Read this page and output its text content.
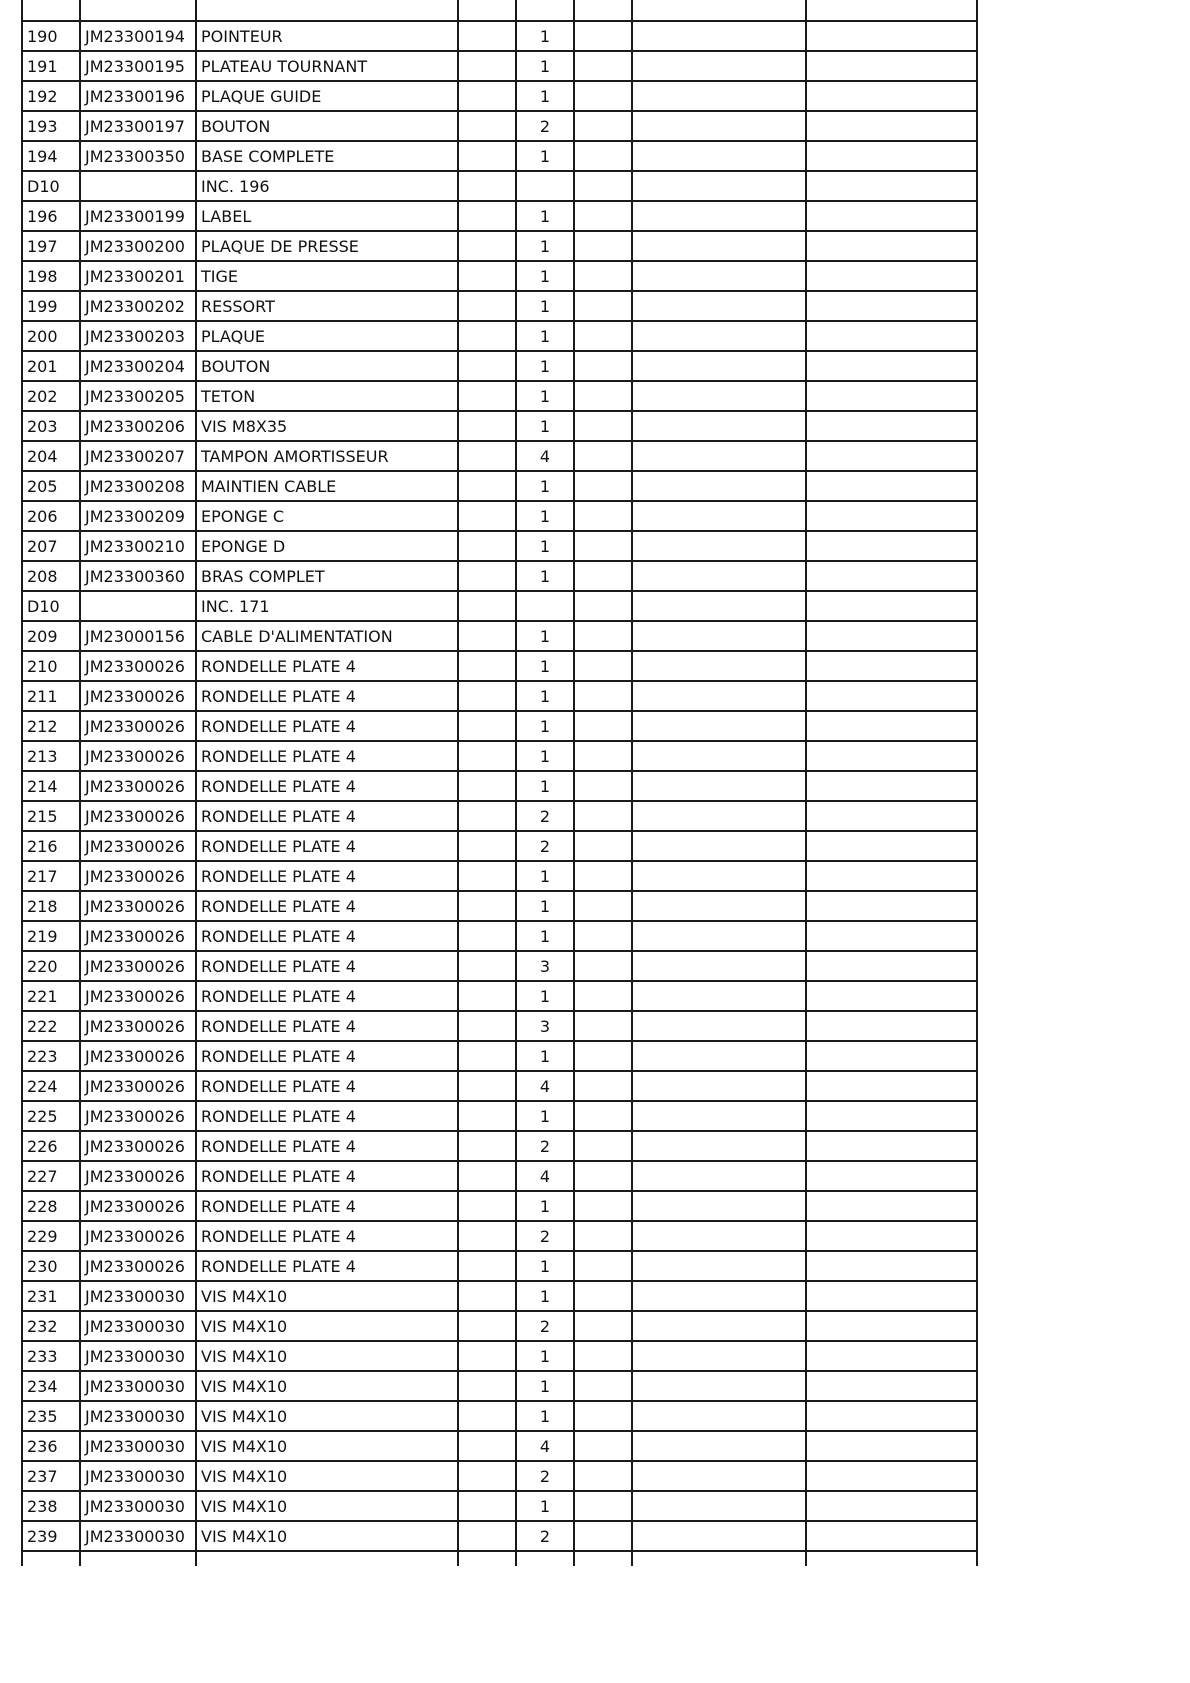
190	JM23300194	POINTEUR		1			
191	JM23300195	PLATEAU TOURNANT		1			
192	JM23300196	PLAQUE GUIDE		1			
193	JM23300197	BOUTON		2			
194	JM23300350	BASE COMPLETE		1			
D10		INC. 196					
196	JM23300199	LABEL		1			
197	JM23300200	PLAQUE DE PRESSE		1			
198	JM23300201	TIGE		1			
199	JM23300202	RESSORT		1			
200	JM23300203	PLAQUE		1			
201	JM23300204	BOUTON		1			
202	JM23300205	TETON		1			
203	JM23300206	VIS M8X35		1			
204	JM23300207	TAMPON AMORTISSEUR		4			
205	JM23300208	MAINTIEN CABLE		1			
206	JM23300209	EPONGE C		1			
207	JM23300210	EPONGE D		1			
208	JM23300360	BRAS COMPLET		1			
D10		INC. 171					
209	JM23000156	CABLE D'ALIMENTATION		1			
210	JM23300026	RONDELLE PLATE 4		1			
211	JM23300026	RONDELLE PLATE 4		1			
212	JM23300026	RONDELLE PLATE 4		1			
213	JM23300026	RONDELLE PLATE 4		1			
214	JM23300026	RONDELLE PLATE 4		1			
215	JM23300026	RONDELLE PLATE 4		2			
216	JM23300026	RONDELLE PLATE 4		2			
217	JM23300026	RONDELLE PLATE 4		1			
218	JM23300026	RONDELLE PLATE 4		1			
219	JM23300026	RONDELLE PLATE 4		1			
220	JM23300026	RONDELLE PLATE 4		3			
221	JM23300026	RONDELLE PLATE 4		1			
222	JM23300026	RONDELLE PLATE 4		3			
223	JM23300026	RONDELLE PLATE 4		1			
224	JM23300026	RONDELLE PLATE 4		4			
225	JM23300026	RONDELLE PLATE 4		1			
226	JM23300026	RONDELLE PLATE 4		2			
227	JM23300026	RONDELLE PLATE 4		4			
228	JM23300026	RONDELLE PLATE 4		1			
229	JM23300026	RONDELLE PLATE 4		2			
230	JM23300026	RONDELLE PLATE 4		1			
231	JM23300030	VIS M4X10		1			
232	JM23300030	VIS M4X10		2			
233	JM23300030	VIS M4X10		1			
234	JM23300030	VIS M4X10		1			
235	JM23300030	VIS M4X10		1			
236	JM23300030	VIS M4X10		4			
237	JM23300030	VIS M4X10		2			
238	JM23300030	VIS M4X10		1			
239	JM23300030	VIS M4X10		2			
